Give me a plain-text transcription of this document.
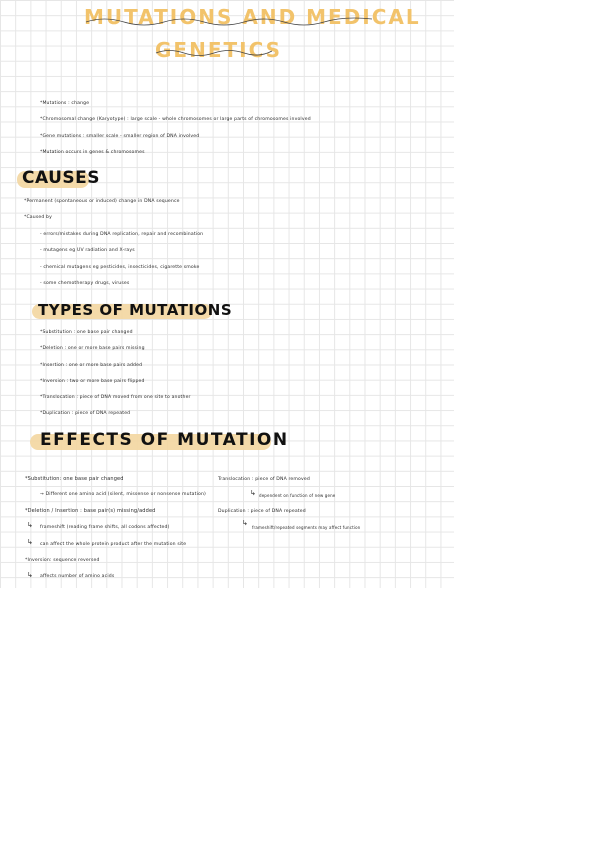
MUTATIONS AND MEDICAL
GENETICS
*Mutations : change
*Chromosomal change (Karyotype) : large scale - whole chromosomes or large parts of chromosomes involved
*Gene mutations : smaller scale - smaller region of DNA involved
*Mutation occurs in genes & chromosomes
CAUSES
*Permanent (spontaneous or induced) change in DNA sequence
*Caused by
- errors/mistakes during DNA replication, repair and recombination
- mutagens eg UV radiation and X-rays
- chemical mutagens eg pesticides, insecticides, cigarette smoke
- some chemotherapy drugs, viruses
TYPES OF MUTATIONS
*Substitution : one base pair changed
*Deletion : one or more base pairs missing
*Insertion : one or more base pairs added
*Inversion : two or more base pairs flipped
*Translocation : piece of DNA moved from one site to another
*Duplication : piece of DNA repeated
EFFECTS OF MUTATION
*Substitution: one base pair changed
→ Different one amino acid (silent, missense or nonsense mutation)
*Deletion / Insertion : base pair(s) missing/added
↳ frameshift (reading frame shifts, all codons affected)
↳ can affect the whole protein product after the mutation site
*Inversion: sequence reversed
↳ affects number of amino acids
Translocation : piece of DNA removed
↳ dependent on function of new gene
Duplication : piece of DNA repeated
↳
frameshift/repeated segments may affect function
